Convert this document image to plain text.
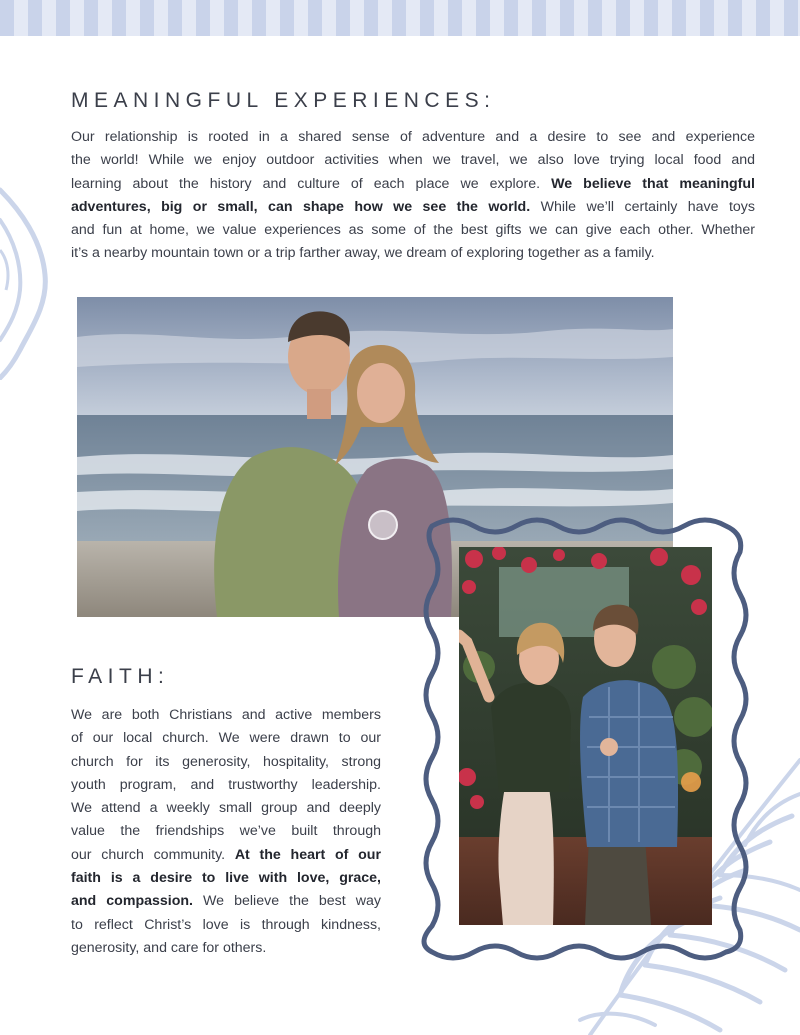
MEANINGFUL EXPERIENCES:
Our relationship is rooted in a shared sense of adventure and a desire to see and experience
the world! While we enjoy outdoor activities when we travel, we also love trying local food and
learning about the history and culture of each place we explore. We believe that meaningful
adventures, big or small, can shape how we see the world. While we’ll certainly have toys
and fun at home, we value experiences as some of the best gifts we can give each other. Whether
it’s a nearby mountain town or a trip farther away, we dream of exploring together as a family.
FAITH:
We are both Christians and active members
of our local church. We were drawn to our
church for its generosity, hospitality, strong
youth program, and trustworthy leadership.
We attend a weekly small group and deeply
value the friendships we’ve built through
our church community. At the heart of our
faith is a desire to live with love, grace,
and compassion. We believe the best way
to reflect Christ’s love is through kindness,
generosity, and care for others.
